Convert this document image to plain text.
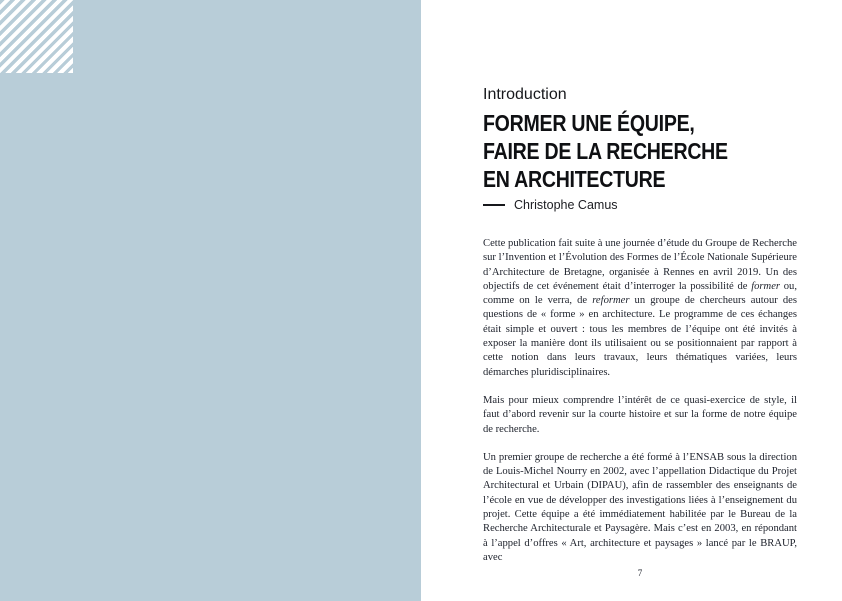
Introduction
FORMER UNE ÉQUIPE,
FAIRE DE LA RECHERCHE
EN ARCHITECTURE
Christophe Camus

Cette publication fait suite à une journée d’étude du Groupe de Recherche sur l’Invention et l’Évolution des Formes de l’École Nationale Supérieure d’Architecture de Bretagne, organisée à Rennes en avril 2019. Un des objectifs de cet événement était d’interroger la possibilité de former ou, comme on le verra, de reformer un groupe de chercheurs autour des questions de « forme » en architecture. Le programme de ces échanges était simple et ouvert : tous les membres de l’équipe ont été invités à exposer la manière dont ils utilisaient ou se positionnaient par rapport à cette notion dans leurs travaux, leurs thématiques variées, leurs démarches pluridisciplinaires.

Mais pour mieux comprendre l’intérêt de ce quasi-exercice de style, il faut d’abord revenir sur la courte histoire et sur la forme de notre équipe de recherche.

Un premier groupe de recherche a été formé à l’ENSAB sous la direction de Louis-Michel Nourry en 2002, avec l’appellation Didactique du Projet Architectural et Urbain (DIPAU), afin de rassembler des enseignants de l’école en vue de développer des investigations liées à l’enseignement du projet. Cette équipe a été immédiatement habilitée par le Bureau de la Recherche Architecturale et Paysagère. Mais c’est en 2003, en répondant à l’appel d’offres « Art, architecture et paysages » lancé par le BRAUP, avec

7
